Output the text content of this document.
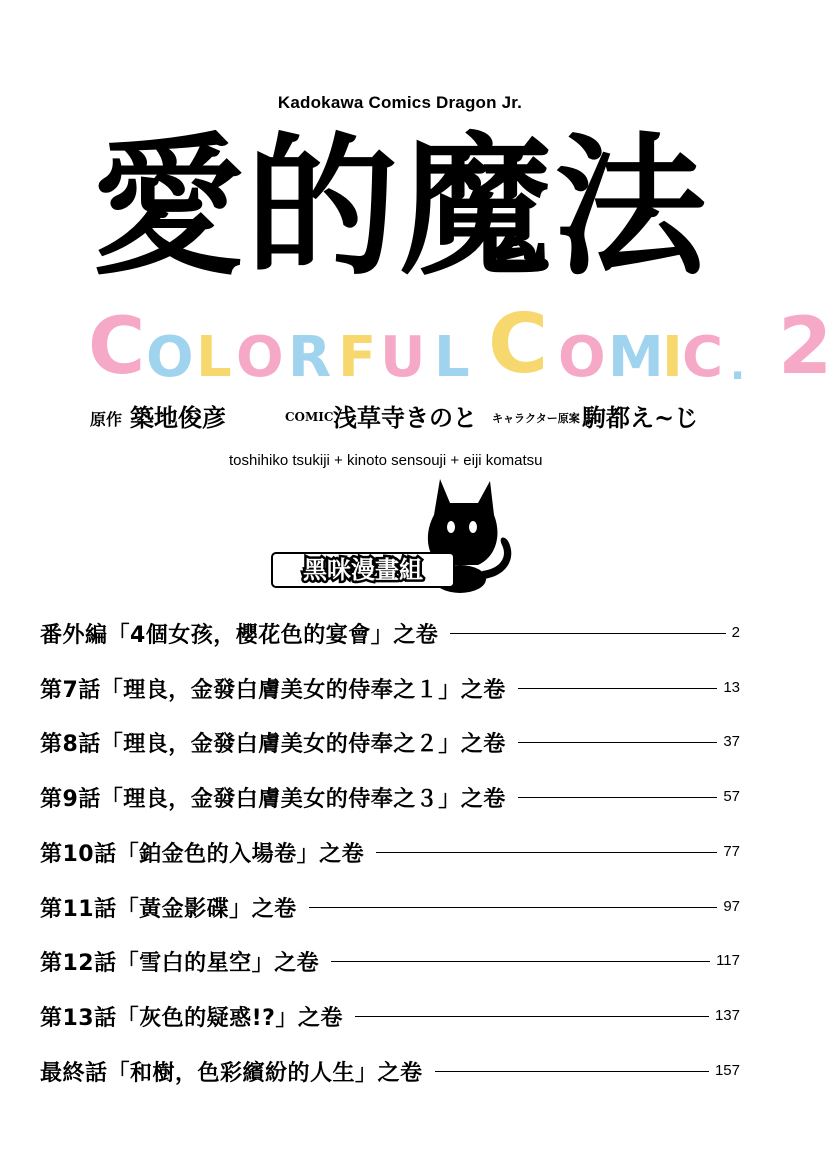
Kadokawa Comics Dragon Jr.
愛的魔法
C O L O R F U L C O M
I C . 2
原作 築地俊彦	COMIC 浅草寺きのと キャラクター原案 駒都え~じ
toshihiko tsukiji + kinoto sensouji + eiji komatsu
黑咪漫畫組
番外編「4個女孩，櫻花色的宴會」之卷	2
第7話「理良，金發白膚美女的侍奉之１」之卷	13
第8話「理良，金發白膚美女的侍奉之２」之卷	37
第9話「理良，金發白膚美女的侍奉之３」之卷	57
第10話「鉑金色的入場卷」之卷	77
第11話「黃金影碟」之卷	97
第12話「雪白的星空」之卷	117
第13話「灰色的疑惑!?」之卷	137
最終話「和樹，色彩繽紛的人生」之卷	157
